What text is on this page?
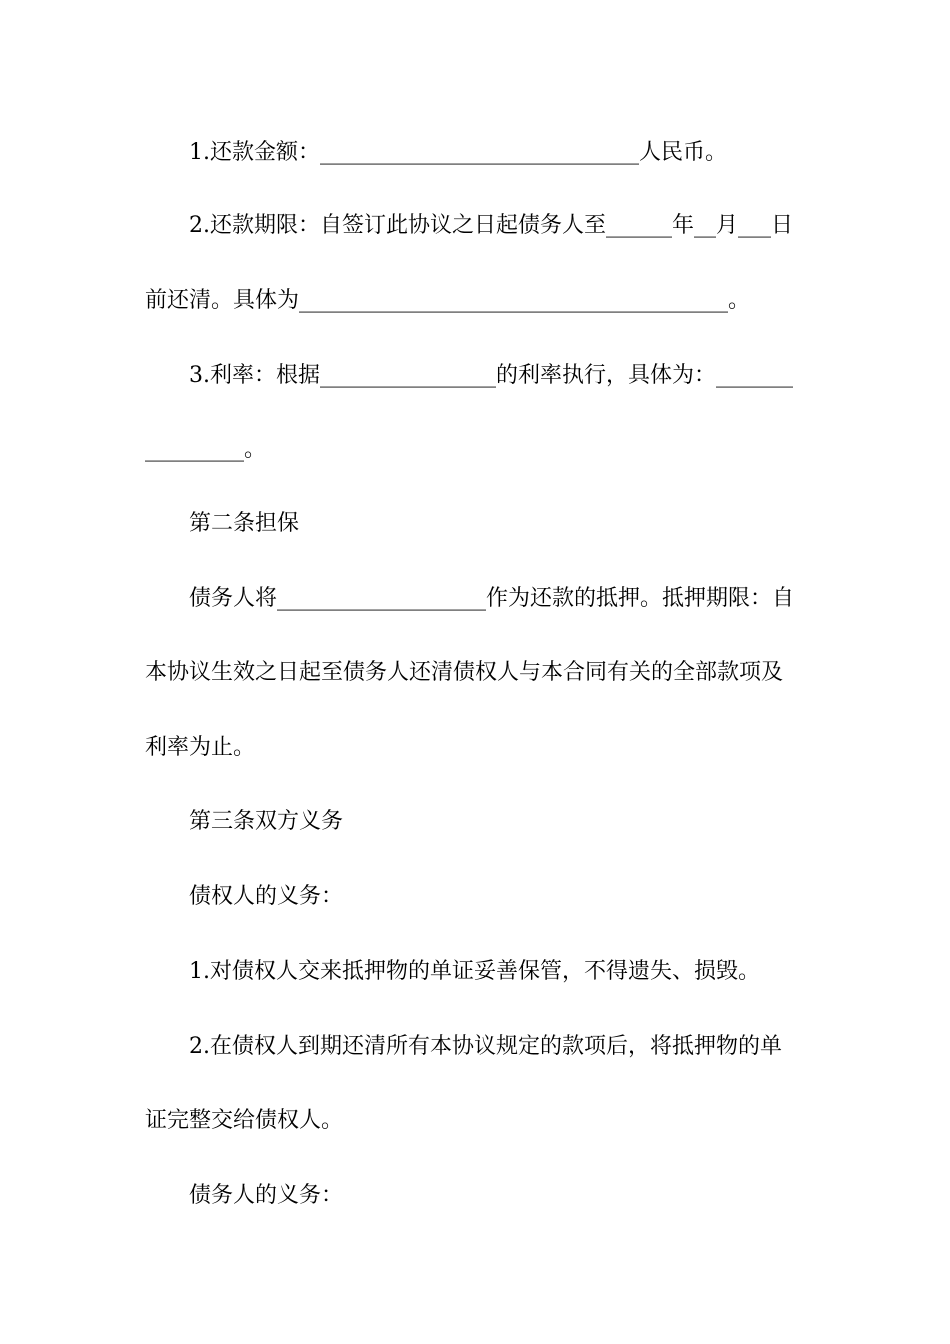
1.还款金额：_____________________________人民币。
2.还款期限：自签订此协议之日起债务人至______年__月___日
前还清。具体为_______________________________________。
3.利率：根据________________的利率执行，具体为：_______
_________。
第二条担保
债务人将___________________作为还款的抵押。抵押期限：自
本协议生效之日起至债务人还清债权人与本合同有关的全部款项及
利率为止。
第三条双方义务
债权人的义务：
1.对债权人交来抵押物的单证妥善保管，不得遗失、损毁。
2.在债权人到期还清所有本协议规定的款项后，将抵押物的单
证完整交给债权人。
债务人的义务：
